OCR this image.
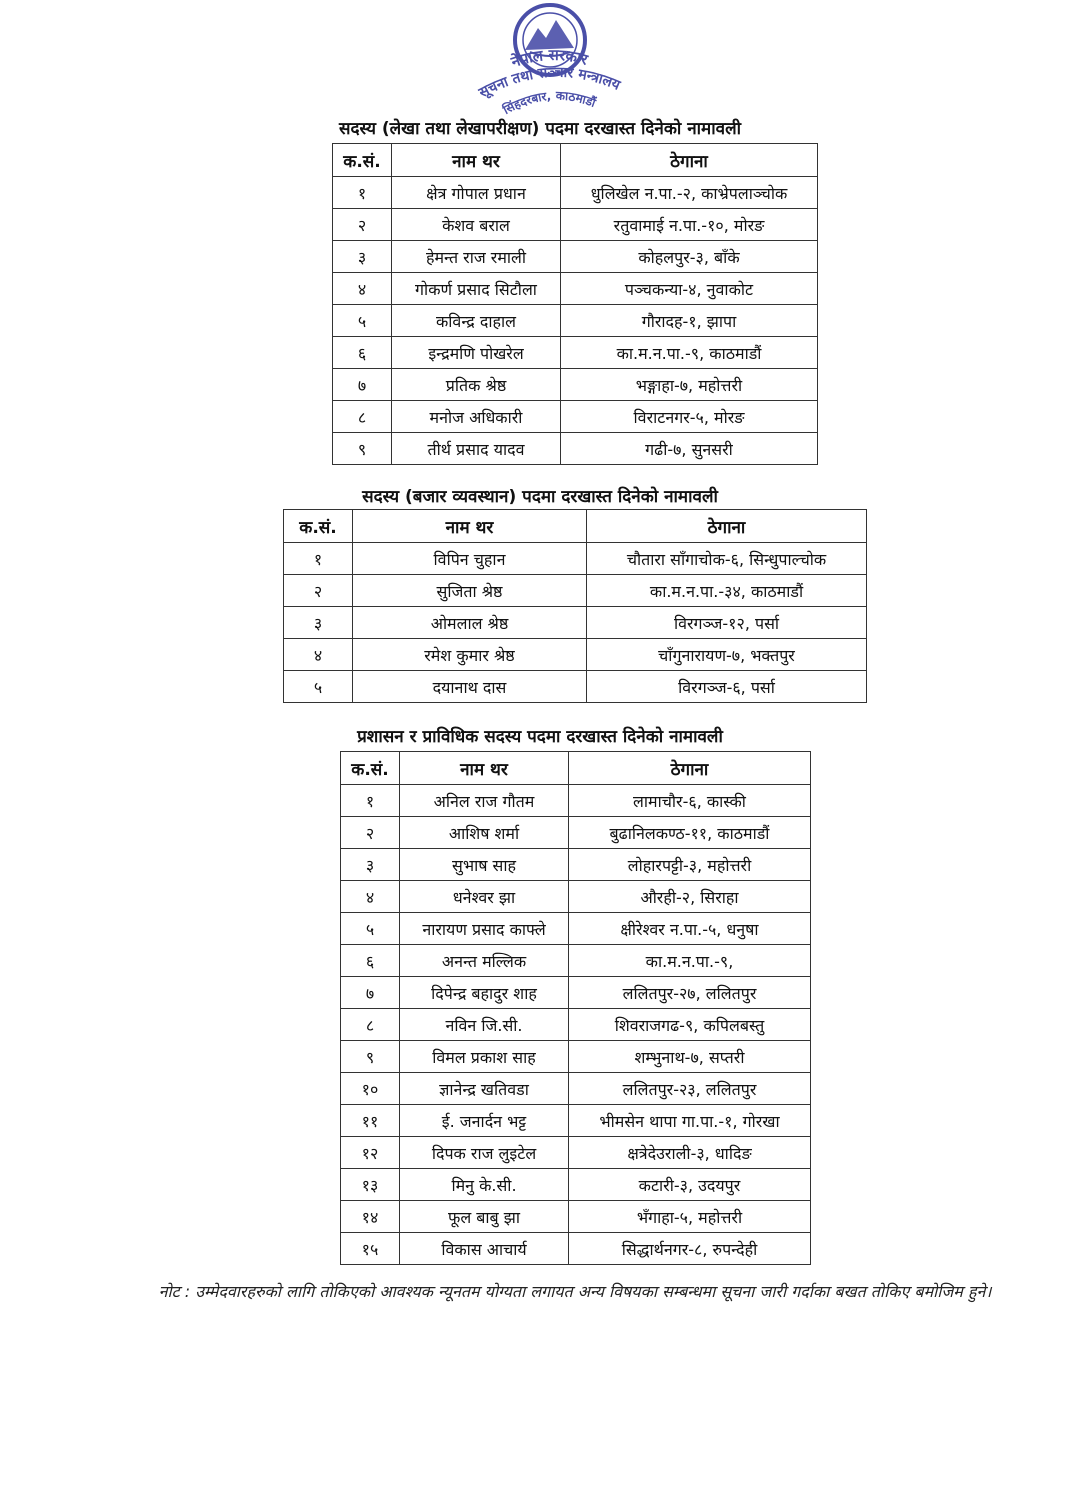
नेपाल सरकार
सूचना तथा सञ्चार मन्त्रालय
सिंहदरबार, काठमाडौं
सदस्य (लेखा तथा लेखापरीक्षण) पदमा दरखास्त दिनेको नामावली
क.सं.	नाम थर	ठेगाना
१	क्षेत्र गोपाल प्रधान	धुलिखेल न.पा.-२, काभ्रेपलाञ्चोक
२	केशव बराल	रतुवामाई न.पा.-१०, मोरङ
३	हेमन्त राज रमाली	कोहलपुर-३, बाँके
४	गोकर्ण प्रसाद सिटौला	पञ्चकन्या-४, नुवाकोट
५	कविन्द्र दाहाल	गौरादह-१, झापा
६	इन्द्रमणि पोखरेल	का.म.न.पा.-९, काठमाडौं
७	प्रतिक श्रेष्ठ	भङ्गाहा-७, महोत्तरी
८	मनोज अधिकारी	विराटनगर-५, मोरङ
९	तीर्थ प्रसाद यादव	गढी-७, सुनसरी
सदस्य (बजार व्यवस्थान) पदमा दरखास्त दिनेको नामावली
क.सं.	नाम थर	ठेगाना
१	विपिन चुहान	चौतारा साँगाचोक-६, सिन्धुपाल्चोक
२	सुजिता श्रेष्ठ	का.म.न.पा.-३४, काठमाडौं
३	ओमलाल श्रेष्ठ	विरगञ्ज-१२, पर्सा
४	रमेश कुमार श्रेष्ठ	चाँगुनारायण-७, भक्तपुर
५	दयानाथ दास	विरगञ्ज-६, पर्सा
प्रशासन र प्राविधिक सदस्य पदमा दरखास्त दिनेको नामावली
क.सं.	नाम थर	ठेगाना
१	अनिल राज गौतम	लामाचौर-६, कास्की
२	आशिष शर्मा	बुढानिलकण्ठ-११, काठमाडौं
३	सुभाष साह	लोहारपट्टी-३, महोत्तरी
४	धनेश्वर झा	औरही-२, सिराहा
५	नारायण प्रसाद काफ्ले	क्षीरेश्वर न.पा.-५, धनुषा
६	अनन्त मल्लिक	का.म.न.पा.-९,
७	दिपेन्द्र बहादुर शाह	ललितपुर-२७, ललितपुर
८	नविन जि.सी.	शिवराजगढ-९, कपिलबस्तु
९	विमल प्रकाश साह	शम्भुनाथ-७, सप्तरी
१०	ज्ञानेन्द्र खतिवडा	ललितपुर-२३, ललितपुर
११	ई. जनार्दन भट्ट	भीमसेन थापा गा.पा.-१, गोरखा
१२	दिपक राज लुइटेल	क्षत्रेदेउराली-३, धादिङ
१३	मिनु के.सी.	कटारी-३, उदयपुर
१४	फूल बाबु झा	भँगाहा-५, महोत्तरी
१५	विकास आचार्य	सिद्धार्थनगर-८, रुपन्देही
नोट : उम्मेदवारहरुको लागि तोकिएको आवश्यक न्यूनतम योग्यता लगायत अन्य विषयका सम्बन्धमा सूचना जारी गर्दाका बखत तोकिए बमोजिम हुने।
